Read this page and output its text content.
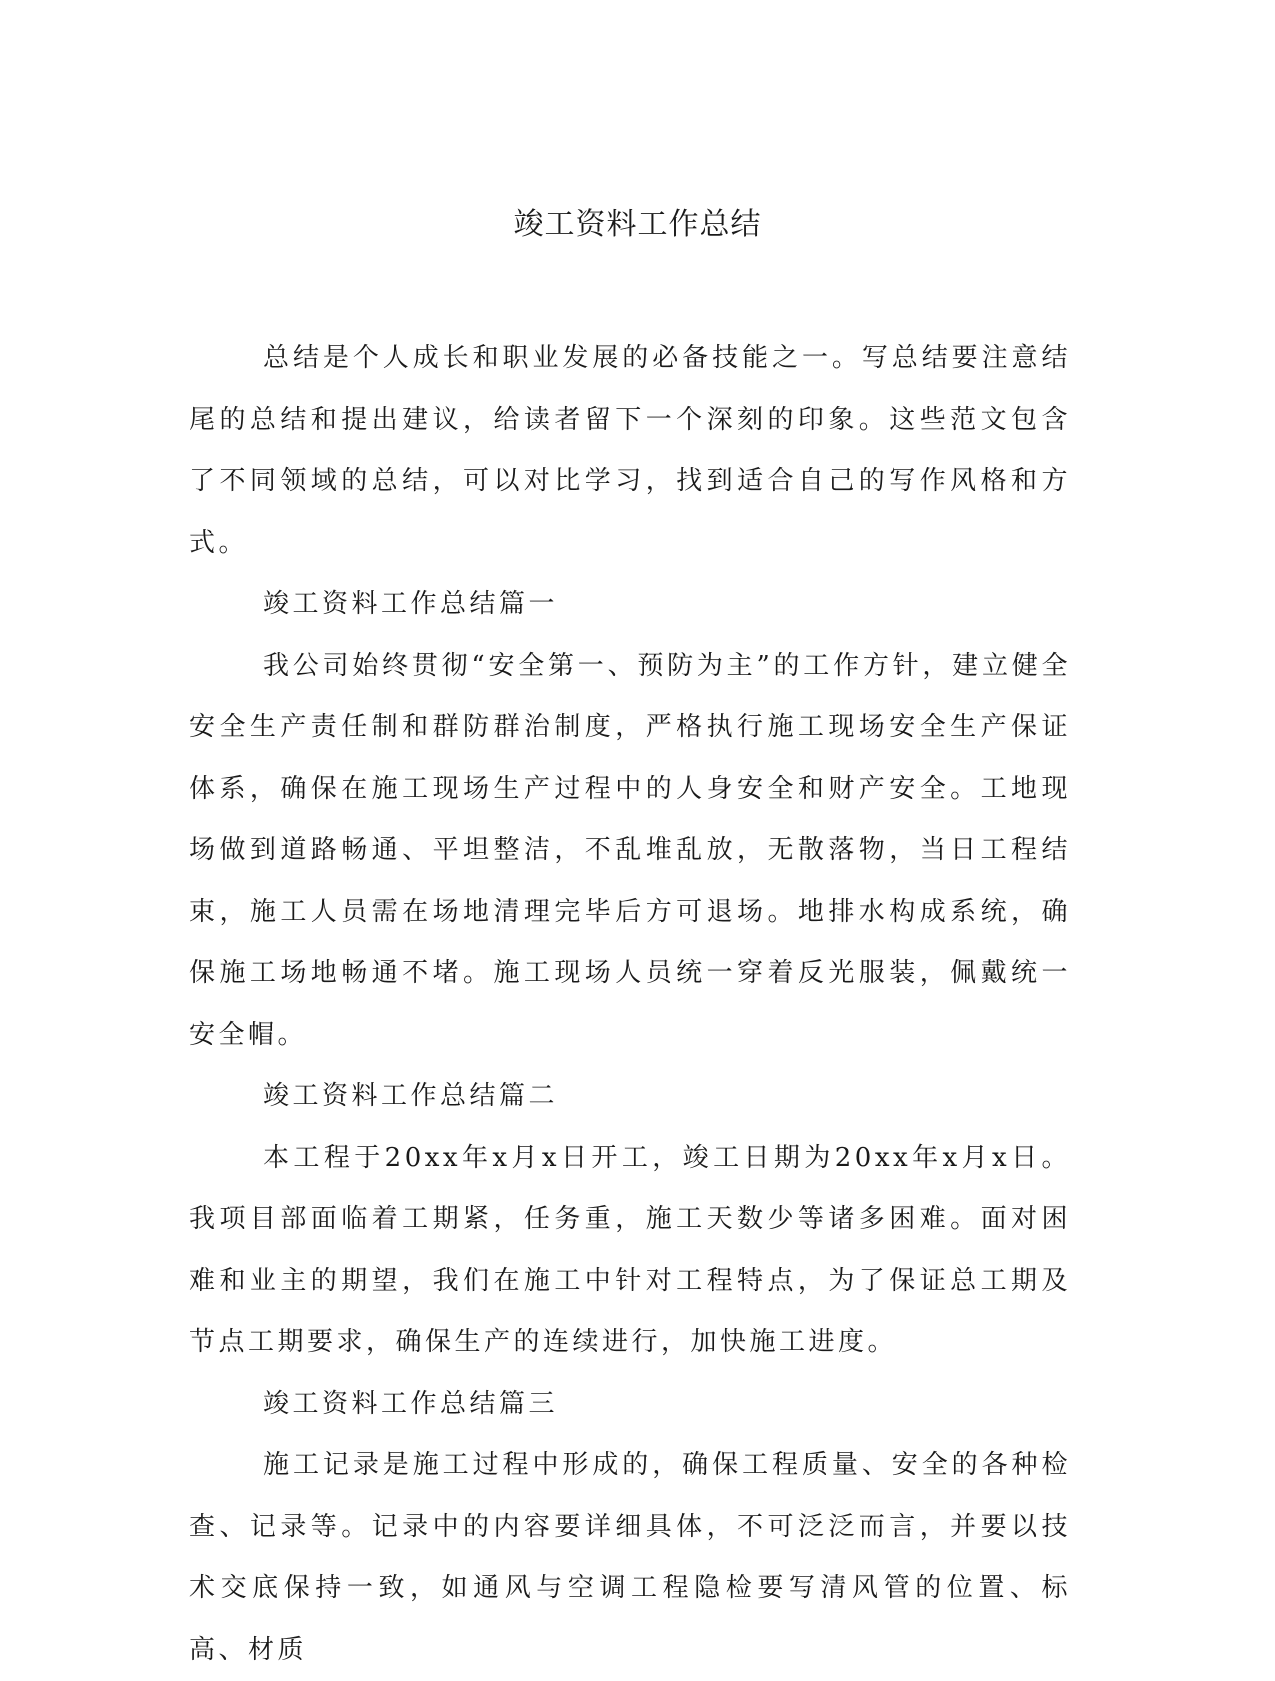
竣工资料工作总结

总结是个人成长和职业发展的必备技能之一。写总结要注意结尾的总结和提出建议，给读者留下一个深刻的印象。这些范文包含了不同领域的总结，可以对比学习，找到适合自己的写作风格和方式。

竣工资料工作总结篇一

我公司始终贯彻“安全第一、预防为主”的工作方针，建立健全安全生产责任制和群防群治制度，严格执行施工现场安全生产保证体系，确保在施工现场生产过程中的人身安全和财产安全。工地现场做到道路畅通、平坦整洁，不乱堆乱放，无散落物，当日工程结束，施工人员需在场地清理完毕后方可退场。地排水构成系统，确保施工场地畅通不堵。施工现场人员统一穿着反光服装，佩戴统一安全帽。

竣工资料工作总结篇二

本工程于20xx年x月x日开工，竣工日期为20xx年x月x日。我项目部面临着工期紧，任务重，施工天数少等诸多困难。面对困难和业主的期望，我们在施工中针对工程特点，为了保证总工期及节点工期要求，确保生产的连续进行，加快施工进度。

竣工资料工作总结篇三

施工记录是施工过程中形成的，确保工程质量、安全的各种检查、记录等。记录中的内容要详细具体，不可泛泛而言，并要以技术交底保持一致，如通风与空调工程隐检要写清风管的位置、标高、材质
